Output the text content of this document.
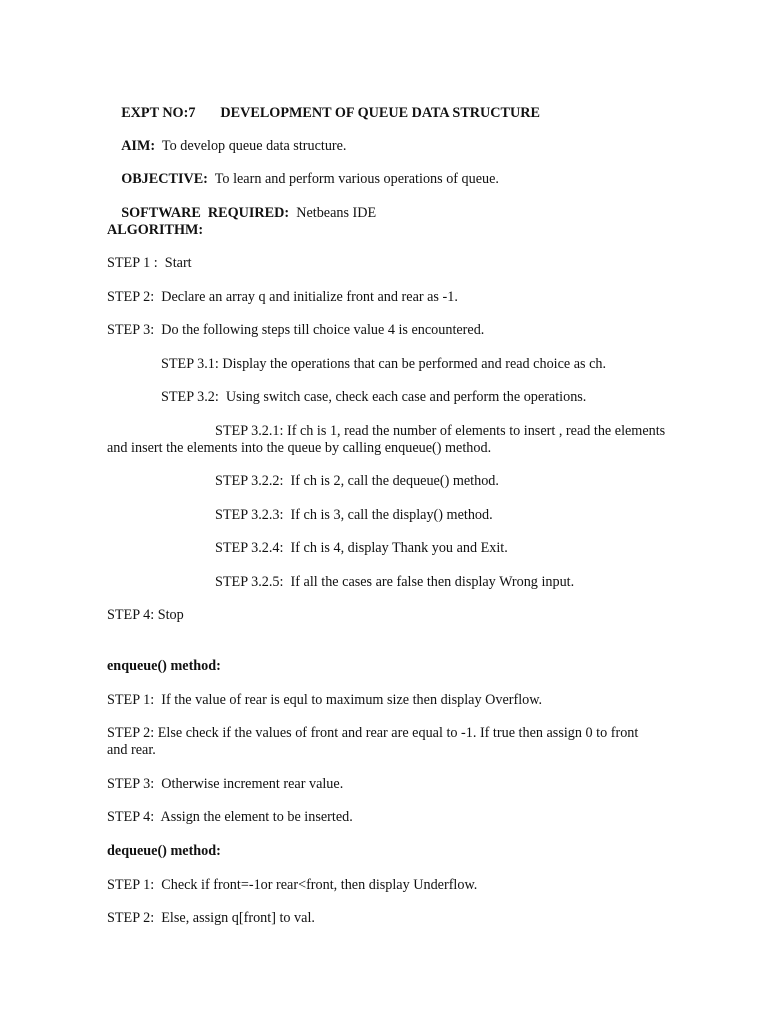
EXPT NO:7 DEVELOPMENT OF QUEUE DATA STRUCTURE

AIM: To develop queue data structure.

OBJECTIVE: To learn and perform various operations of queue.

SOFTWARE  REQUIRED: Netbeans IDE

ALGORITHM:
STEP 1 :  Start
STEP 2:  Declare an array q and initialize front and rear as -1.
STEP 3:  Do the following steps till choice value 4 is encountered.
STEP 3.1: Display the operations that can be performed and read choice as ch.
STEP 3.2:  Using switch case, check each case and perform the operations.
STEP 3.2.1: If ch is 1, read the number of elements to insert , read the elements and insert the elements into the queue by calling enqueue() method.
STEP 3.2.2:  If ch is 2, call the dequeue() method.
STEP 3.2.3:  If ch is 3, call the display() method.
STEP 3.2.4:  If ch is 4, display Thank you and Exit.
STEP 3.2.5:  If all the cases are false then display Wrong input.
STEP 4: Stop
enqueue() method:
STEP 1:  If the value of rear is equl to maximum size then display Overflow.
STEP 2: Else check if the values of front and rear are equal to -1. If true then assign 0 to front and rear.
STEP 3:  Otherwise increment rear value.
STEP 4:  Assign the element to be inserted.
dequeue() method:
STEP 1:  Check if front=-1or rear<front, then display Underflow.
STEP 2:  Else, assign q[front] to val.
